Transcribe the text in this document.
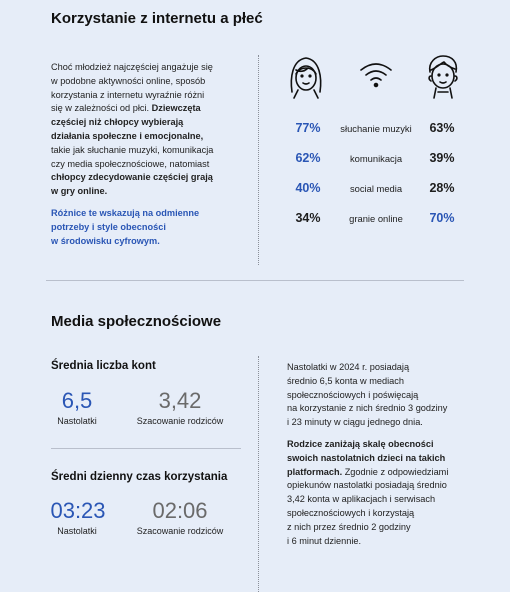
Korzystanie z internetu a płeć
Choć młodzież najczęściej angażuje się
w podobne aktywności online, sposób
korzystania z internetu wyraźnie różni
się w zależności od płci. Dziewczęta
częściej niż chłopcy wybierają
działania społeczne i emocjonalne,
takie jak słuchanie muzyki, komunikacja
czy media społecznościowe, natomiast
chłopcy zdecydowanie częściej grają
w gry online.
Różnice te wskazują na odmienne
potrzeby i style obecności
w środowisku cyfrowym.
77%	słuchanie muzyki	63%
62%	komunikacja	39%
40%	social media	28%
34%	granie online	70%
Media społecznościowe
Średnia liczba kont
6,5
Nastolatki
3,42
Szacowanie rodziców
Średni dzienny czas korzystania
03:23
Nastolatki
02:06
Szacowanie rodziców
Nastolatki w 2024 r. posiadają
średnio 6,5 konta w mediach
społecznościowych i poświęcają
na korzystanie z nich średnio 3 godziny
i 23 minuty w ciągu jednego dnia.
Rodzice zaniżają skalę obecności
swoich nastolatnich dzieci na takich
platformach. Zgodnie z odpowiedziami
opiekunów nastolatki posiadają średnio
3,42 konta w aplikacjach i serwisach
społecznościowych i korzystają
z nich przez średnio 2 godziny
i 6 minut dziennie.
